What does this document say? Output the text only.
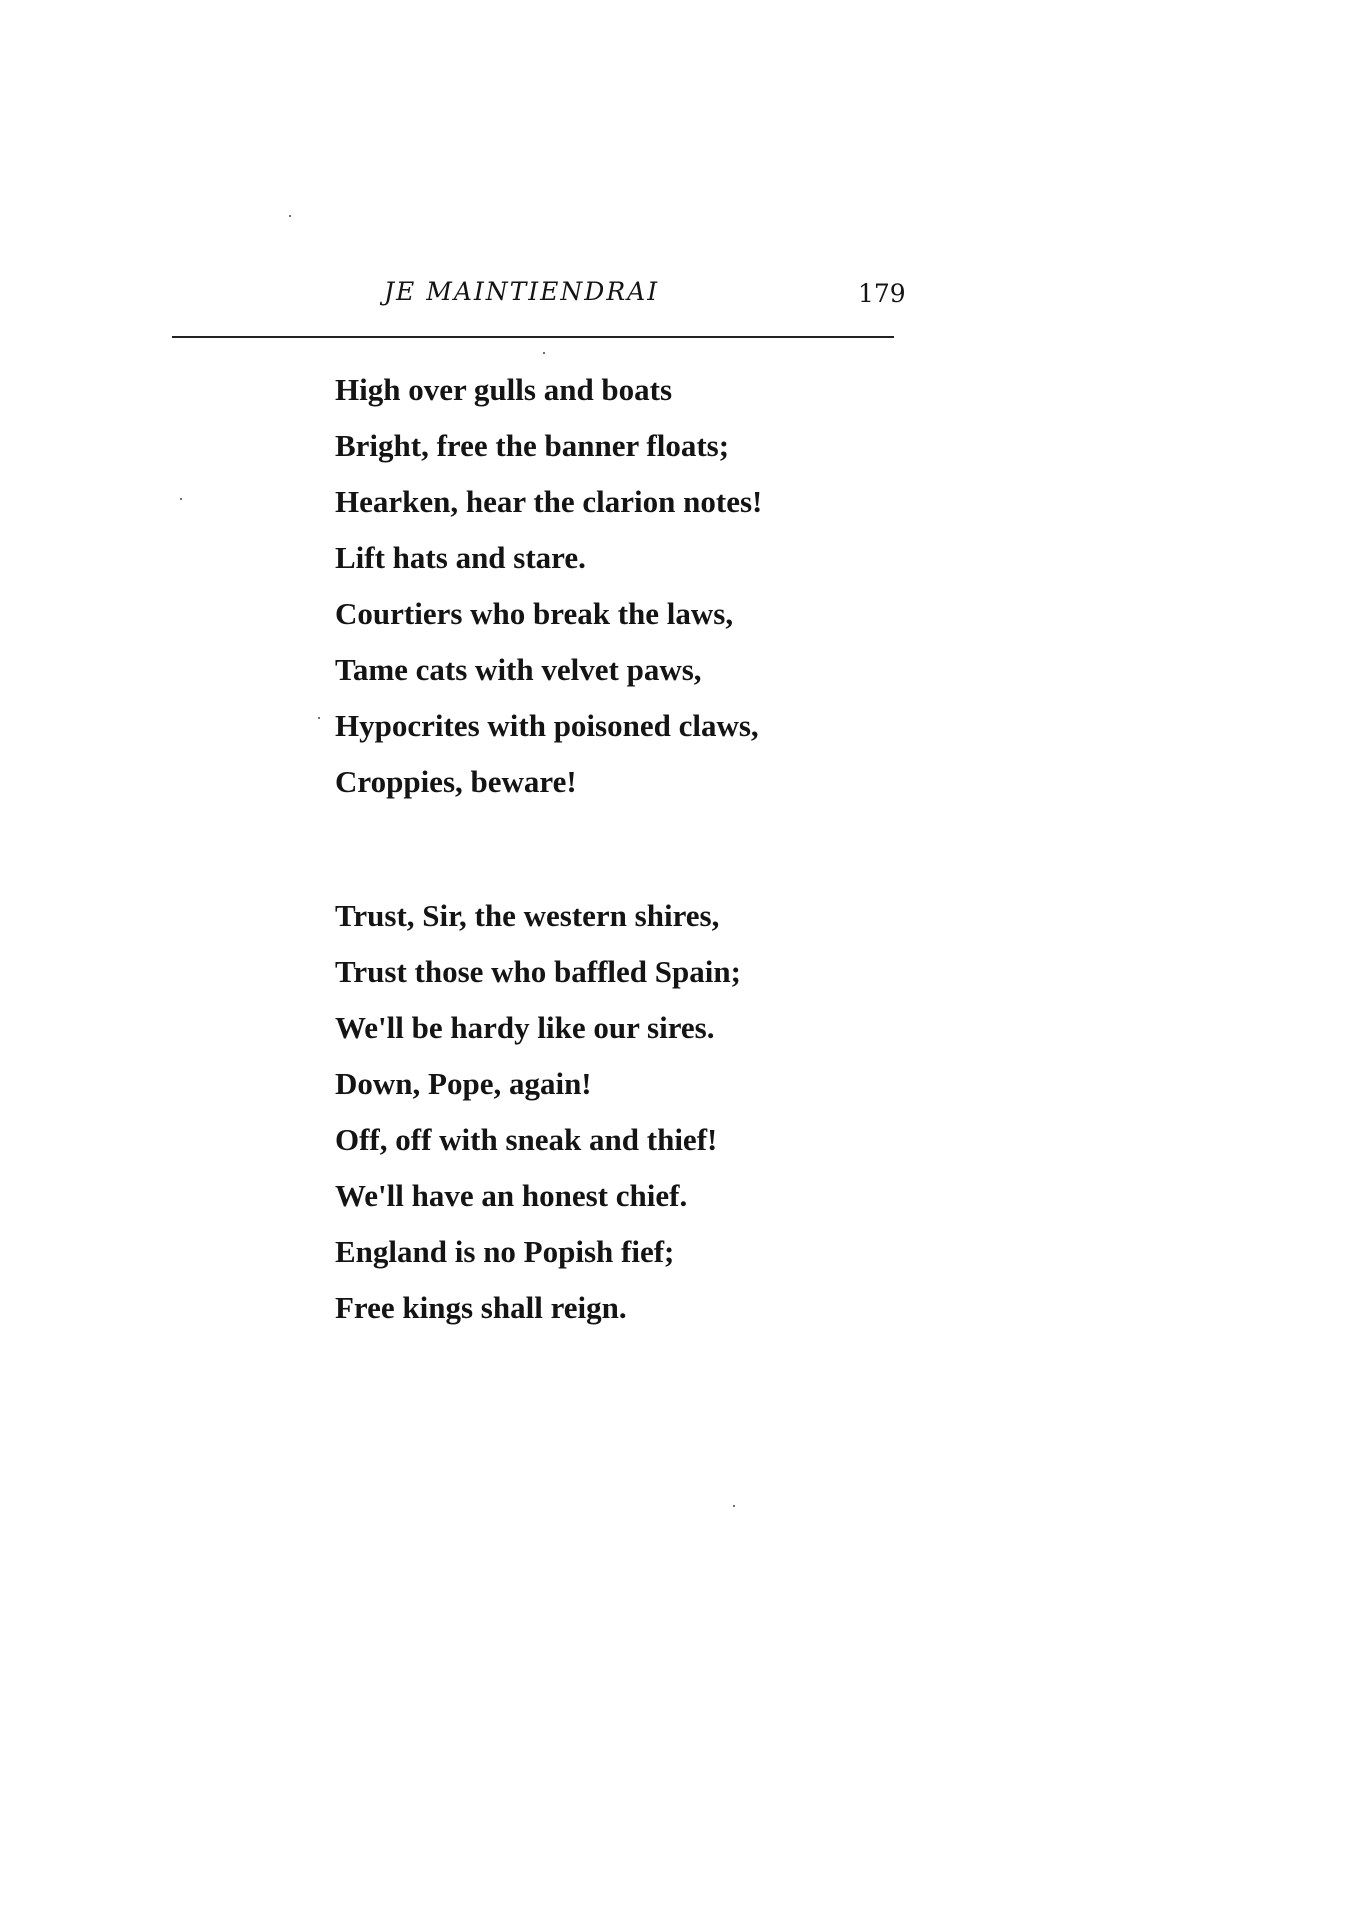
ЈE MAINTIENDRAI	179
High over gulls and boats
Bright, free the banner floats;
Hearken, hear the clarion notes!
Lift hats and stare.
Courtiers who break the laws,
Tame cats with velvet paws,
Hypocrites with poisoned claws,
Croppies, beware!
Trust, Sir, the western shires,
Trust those who baffled Spain;
We'll be hardy like our sires.
Down, Pope, again!
Off, off with sneak and thief!
We'll have an honest chief.
England is no Popish fief;
Free kings shall reign.
